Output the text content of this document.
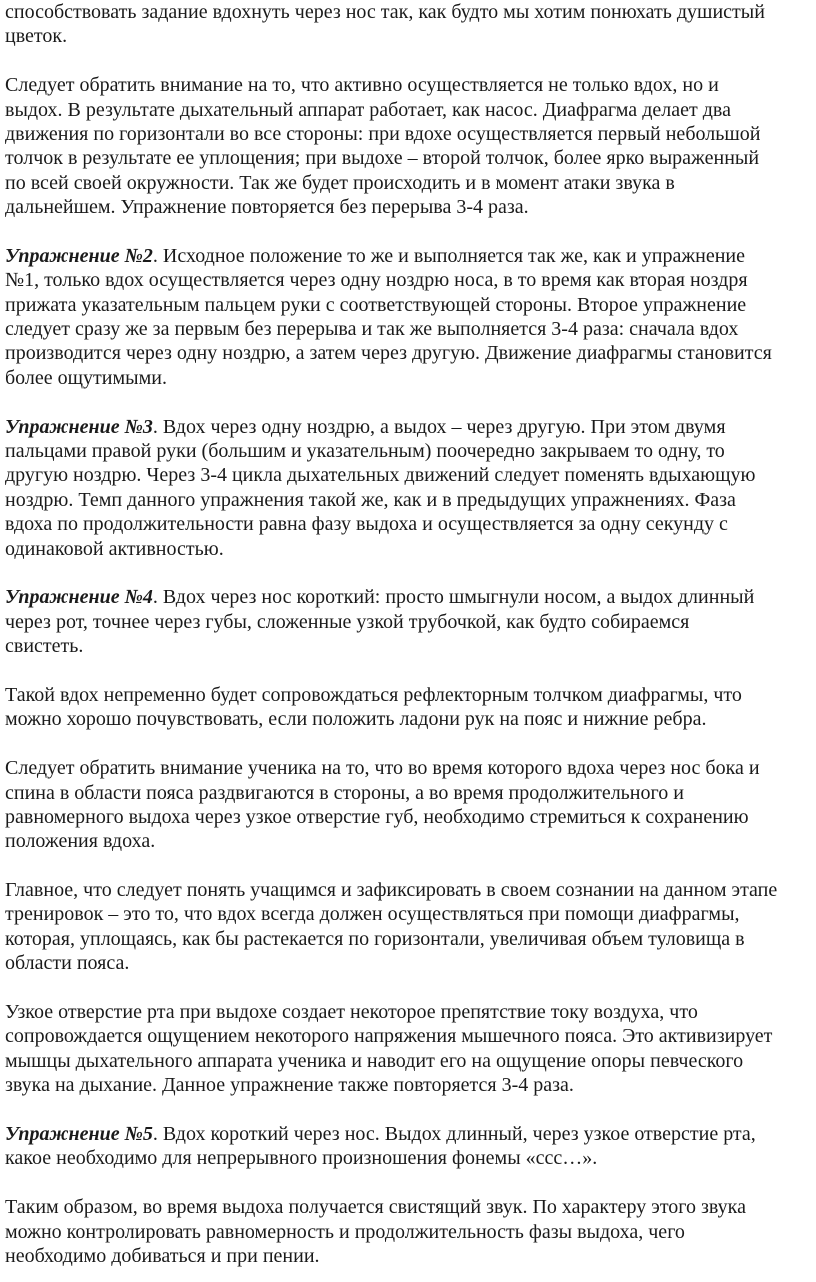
способствовать задание вдохнуть через нос так, как будто мы хотим понюхать душистый
цветок.
Следует обратить внимание на то, что активно осуществляется не только вдох, но и
выдох. В результате дыхательный аппарат работает, как насос. Диафрагма делает два
движения по горизонтали во все стороны: при вдохе осуществляется первый небольшой
толчок в результате ее уплощения; при выдохе – второй толчок, более ярко выраженный
по всей своей окружности. Так же будет происходить и в момент атаки звука в
дальнейшем. Упражнение повторяется без перерыва 3-4 раза.
Упражнение №2. Исходное положение то же и выполняется так же, как и упражнение
№1, только вдох осуществляется через одну ноздрю носа, в то время как вторая ноздря
прижата указательным пальцем руки с соответствующей стороны. Второе упражнение
следует сразу же за первым без перерыва и так же выполняется 3-4 раза: сначала вдох
производится через одну ноздрю, а затем через другую. Движение диафрагмы становится
более ощутимыми.
Упражнение №3. Вдох через одну ноздрю, а выдох – через другую. При этом двумя
пальцами правой руки (большим и указательным) поочередно закрываем то одну, то
другую ноздрю. Через 3-4 цикла дыхательных движений следует поменять вдыхающую
ноздрю. Темп данного упражнения такой же, как и в предыдущих упражнениях. Фаза
вдоха по продолжительности равна фазу выдоха и осуществляется за одну секунду с
одинаковой активностью.
Упражнение №4. Вдох через нос короткий: просто шмыгнули носом, а выдох длинный
через рот, точнее через губы, сложенные узкой трубочкой, как будто собираемся
свистеть.
Такой вдох непременно будет сопровождаться рефлекторным толчком диафрагмы, что
можно хорошо почувствовать, если положить ладони рук на пояс и нижние ребра.
Следует обратить внимание ученика на то, что во время которого вдоха через нос бока и
спина в области пояса раздвигаются в стороны, а во время продолжительного и
равномерного выдоха через узкое отверстие губ, необходимо стремиться к сохранению
положения вдоха.
Главное, что следует понять учащимся и зафиксировать в своем сознании на данном этапе
тренировок – это то, что вдох всегда должен осуществляться при помощи диафрагмы,
которая, уплощаясь, как бы растекается по горизонтали, увеличивая объем туловища в
области пояса.
Узкое отверстие рта при выдохе создает некоторое препятствие току воздуха, что
сопровождается ощущением некоторого напряжения мышечного пояса. Это активизирует
мышцы дыхательного аппарата ученика и наводит его на ощущение опоры певческого
звука на дыхание. Данное упражнение также повторяется 3-4 раза.
Упражнение №5. Вдох короткий через нос. Выдох длинный, через узкое отверстие рта,
какое необходимо для непрерывного произношения фонемы «ссс…».
Таким образом, во время выдоха получается свистящий звук. По характеру этого звука
можно контролировать равномерность и продолжительность фазы выдоха, чего
необходимо добиваться и при пении.
